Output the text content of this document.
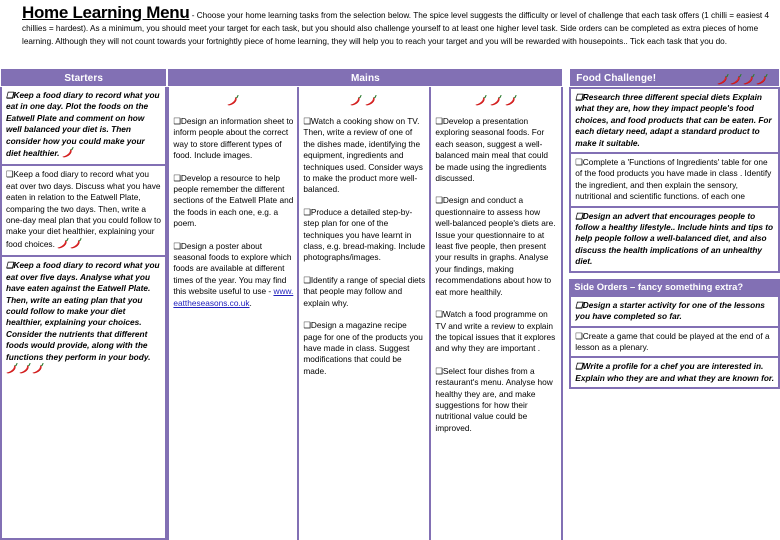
Home Learning Menu - Choose your home learning tasks from the selection below. The spice level suggests the difficulty or level of challenge that each task offers (1 chilli = easiest 4 chillies = hardest). As a minimum, you should meet your target for each task, but you should also challenge yourself to at least one higher level task. Side orders can be completed as extra pieces of home learning. Although they will not count towards your fortnightly piece of home learning, they will help you to reach your target and you will be rewarded with housepoints.. Tick each task that you do.
Starters
❑Keep a food diary to record what you eat in one day. Plot the foods on the Eatwell Plate and comment on how well balanced your diet is. Then consider how you could make your diet healthier.
❑Keep a food diary to record what you eat over two days. Discuss what you have eaten in relation to the Eatwell Plate, comparing the two days. Then, write a one-day meal plan that you could follow to make your diet healthier, explaining your food choices.
❑Keep a food diary to record what you eat over five days. Analyse what you have eaten against the Eatwell Plate. Then, write an eating plan that you could follow to make your diet healthier, explaining your choices. Consider the nutrients that different foods would provide, along with the functions they perform in your body.
Mains
❑Design an information sheet to inform people about the correct way to store different types of food. Include images.
❑Develop a resource to help people remember the different sections of the Eatwell Plate and the foods in each one, e.g. a poem.
❑Design a poster about seasonal foods to explore which foods are available at different times of the year. You may find this website useful to use - www.eattheseasons.co.uk.
❑Watch a cooking show on TV. Then, write a review of one of the dishes made, identifying the equipment, ingredients and techniques used. Consider ways to make the product more well-balanced.
❑Produce a detailed step-by-step plan for one of the techniques you have learnt in class, e.g. bread-making. Include photographs/images.
❑Identify a range of special diets that people may follow and explain why.
❑Design a magazine recipe page for one of the products you have made in class. Suggest modifications that could be made.
❑Develop a presentation exploring seasonal foods. For each season, suggest a well-balanced main meal that could be made using the ingredients discussed.
❑Design and conduct a questionnaire to assess how well-balanced people's diets are. Issue your questionnaire to at least five people, then present your results in graphs. Analyse your findings, making recommendations about how to eat more healthily.
❑Watch a food programme on TV and write a review to explain the topical issues that it explores and why they are important .
❑Select four dishes from a restaurant's menu. Analyse how healthy they are, and make suggestions for how their nutritional value could be improved.
Food Challenge!
❑Research three different special diets Explain what they are, how they impact people's food choices, and food products that can be eaten. For each dietary need, adapt a standard product to make it suitable.
❑Complete a 'Functions of Ingredients' table for one of the food products you have made in class . Identify the ingredient, and then explain the sensory, nutritional and scientific functions. of each one
❑Design an advert that encourages people to follow a healthy lifestyle.. Include hints and tips to help people follow a well-balanced diet, and also discuss the health implications of an unhealthy diet.
Side Orders – fancy something extra?
❑Design a starter activity for one of the lessons you have completed so far.
❑Create a game that could be played at the end of a lesson as a plenary.
❑Write a profile for a chef you are interested in. Explain who they are and what they are known for.
